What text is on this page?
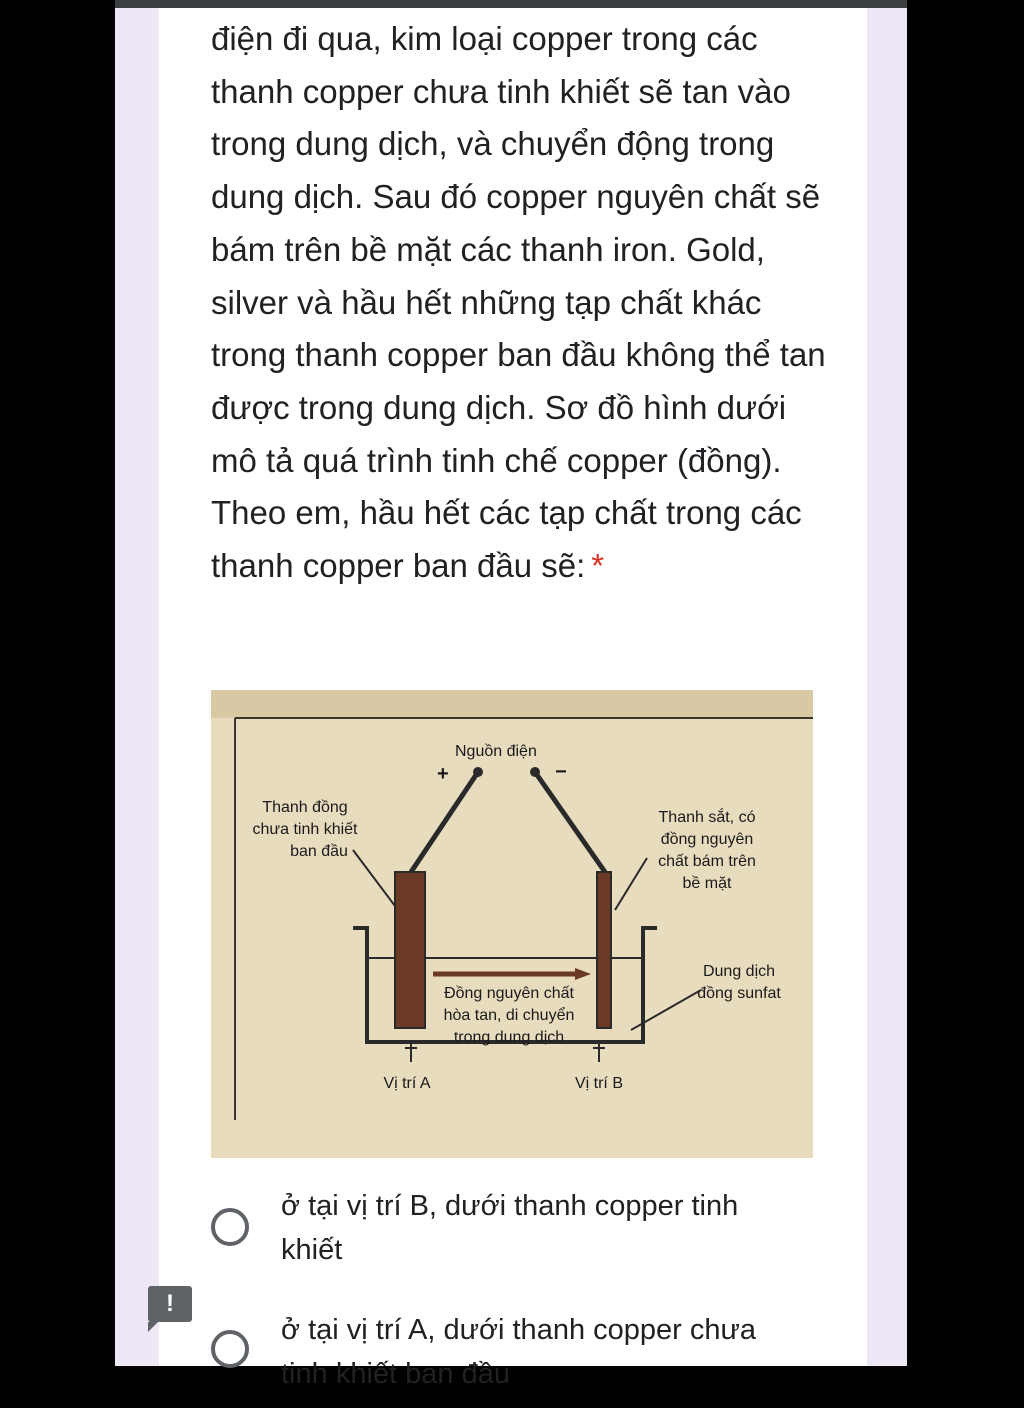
điện đi qua, kim loại copper trong các thanh copper chưa tinh khiết sẽ tan vào trong dung dịch, và chuyển động trong dung dịch. Sau đó copper nguyên chất sẽ bám trên bề mặt các thanh iron. Gold, silver và hầu hết những tạp chất khác trong thanh copper ban đầu không thể tan được trong dung dịch. Sơ đồ hình dưới mô tả quá trình tinh chế copper (đồng). Theo em, hầu hết các tạp chất trong các thanh copper ban đầu sẽ: *

Nguồn điện
+	−
Đồng nguyên chất
hòa tan, di chuyển
trong dung dịch
Thanh đồng
chưa tinh khiết
ban đầu
Thanh sắt, có
đồng nguyên
chất bám trên
bề mặt
Dung dịch
đồng sunfat
Vị trí A	Vị trí B
ở tại vị trí B, dưới thanh copper tinh khiết
ở tại vị trí A, dưới thanh copper chưa tinh khiết ban đầu
!
